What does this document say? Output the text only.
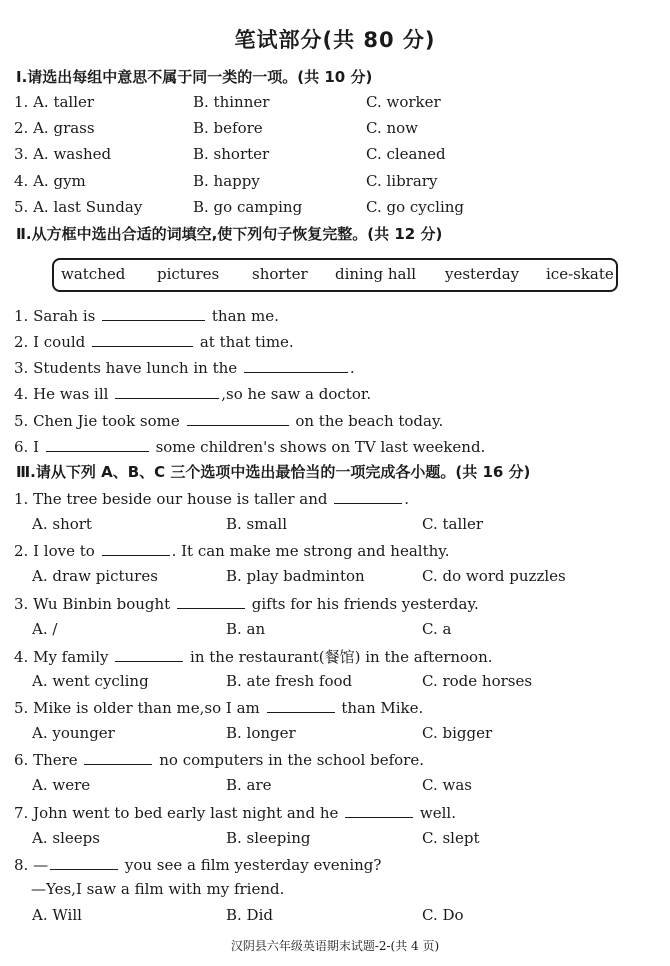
笔试部分(共 80 分)
Ⅰ.请选出每组中意思不属于同一类的一项。(共 10 分)
1. A. taller	B. thinner	C. worker
2. A. grass	B. before	C. now
3. A. washed	B. shorter	C. cleaned
4. A. gym	B. happy	C. library
5. A. last Sunday	B. go camping	C. go cycling
Ⅱ.从方框中选出合适的词填空,使下列句子恢复完整。(共 12 分)
watched pictures shorter dining hall yesterday ice-skate
1. Sarah is	than me.
2. I could	at that time.
3. Students have lunch in the	.
4. He was ill	,so he saw a doctor.
5. Chen Jie took some	on the beach today.
6. I	some children's shows on TV last weekend.
Ⅲ.请从下列 A、B、C 三个选项中选出最恰当的一项完成各小题。(共 16 分)
1. The tree beside our house is taller and	.
A. short	B. small	C. taller
2. I love to	. It can make me strong and healthy.
A. draw pictures	B. play badminton	C. do word puzzles
3. Wu Binbin bought	gifts for his friends yesterday.
A. /	B. an	C. a
4. My family	in the restaurant(餐馆) in the afternoon.
A. went cycling	B. ate fresh food	C. rode horses
5. Mike is older than me,so I am	than Mike.
A. younger	B. longer	C. bigger
6. There	no computers in the school before.
A. were	B. are	C. was
7. John went to bed early last night and he	well.
A. sleeps	B. sleeping	C. slept
8. —	you see a film yesterday evening?
—Yes,I saw a film with my friend.
A. Will	B. Did	C. Do
汉阴县六年级英语期末试题-2-(共 4 页)
